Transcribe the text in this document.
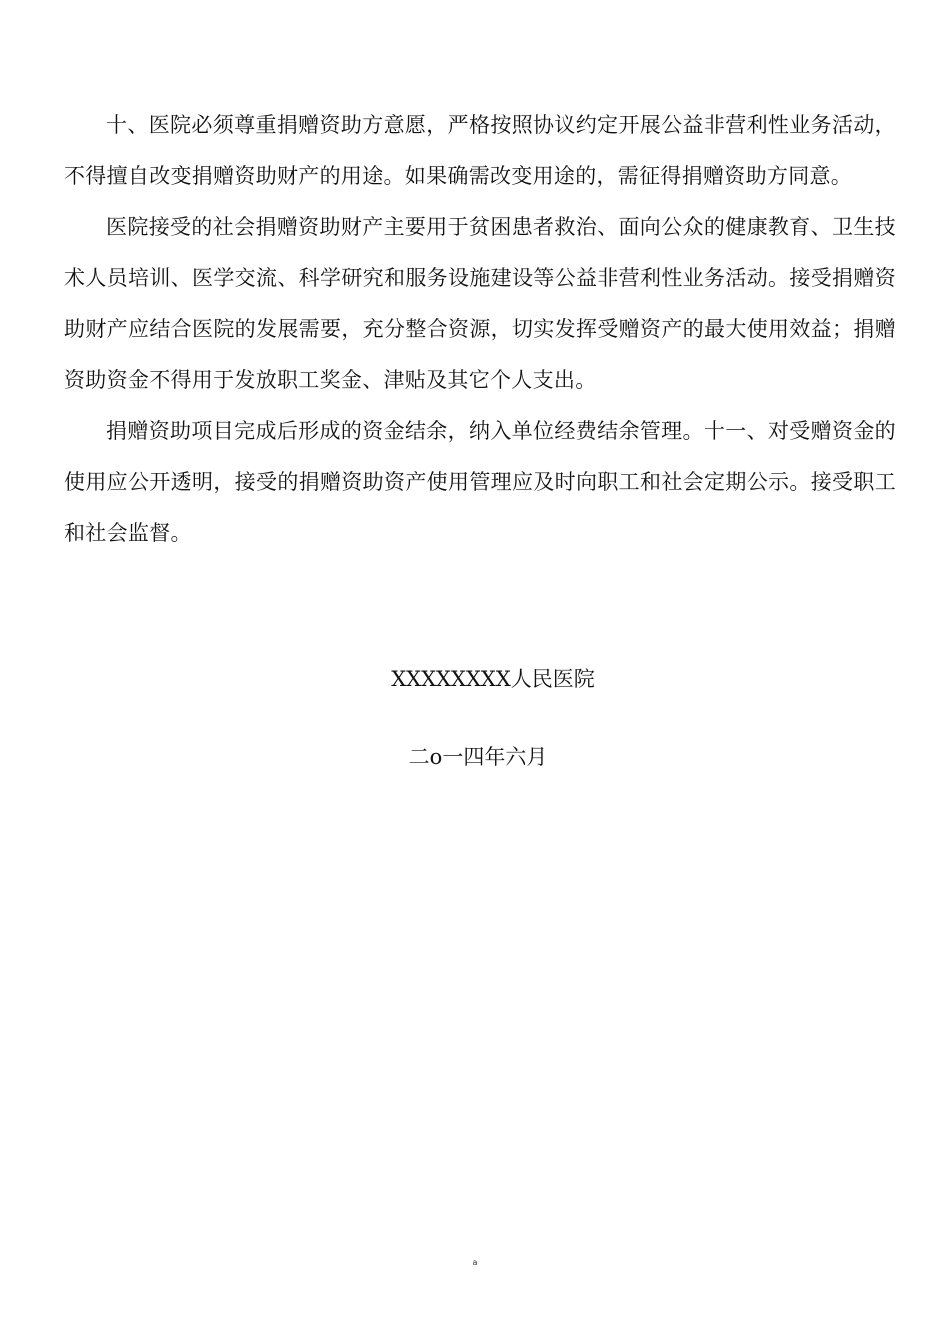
十、医院必须尊重捐赠资助方意愿，严格按照协议约定开展公益非营利性业务活动，不得擅自改变捐赠资助财产的用途。如果确需改变用途的，需征得捐赠资助方同意。

医院接受的社会捐赠资助财产主要用于贫困患者救治、面向公众的健康教育、卫生技术人员培训、医学交流、科学研究和服务设施建设等公益非营利性业务活动。接受捐赠资助财产应结合医院的发展需要，充分整合资源，切实发挥受赠资产的最大使用效益；捐赠资助资金不得用于发放职工奖金、津贴及其它个人支出。

捐赠资助项目完成后形成的资金结余，纳入单位经费结余管理。十一、对受赠资金的使用应公开透明，接受的捐赠资助资产使用管理应及时向职工和社会定期公示。接受职工和社会监督。

XXXXXXXX人民医院

二o一四年六月

a
